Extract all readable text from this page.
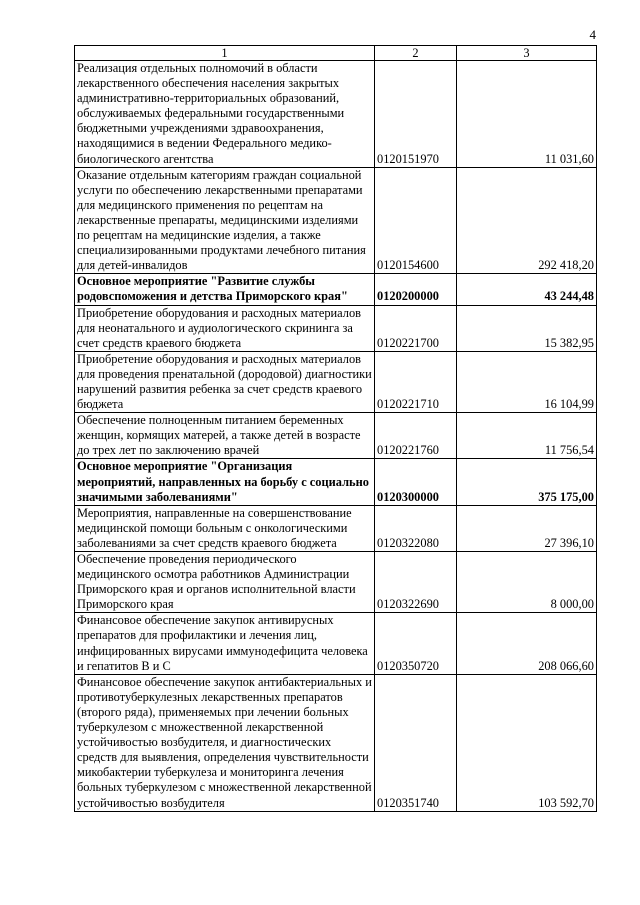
4
1	2	3
Реализация отдельных полномочий в области лекарственного обеспечения населения закрытых административно-территориальных образований, обслуживаемых федеральными государственными бюджетными учреждениями здравоохранения, находящимися в ведении Федерального медико-биологического агентства	0120151970	11 031,60
Оказание отдельным категориям граждан социальной услуги по обеспечению лекарственными препаратами для медицинского применения по рецептам на лекарственные препараты, медицинскими изделиями по рецептам на медицинские изделия, а также специализированными продуктами лечебного питания для детей-инвалидов	0120154600	292 418,20
Основное мероприятие "Развитие службы родовспоможения и детства Приморского края"	0120200000	43 244,48
Приобретение оборудования и расходных материалов для неонатального и аудиологического скрининга за счет средств краевого бюджета	0120221700	15 382,95
Приобретение оборудования и расходных материалов для проведения пренатальной (дородовой) диагностики нарушений развития ребенка за счет средств краевого бюджета	0120221710	16 104,99
Обеспечение полноценным питанием беременных женщин, кормящих матерей, а также детей в возрасте до трех лет по заключению врачей	0120221760	11 756,54
Основное мероприятие "Организация мероприятий, направленных на борьбу с социально значимыми заболеваниями"	0120300000	375 175,00
Мероприятия, направленные на совершенствование медицинской помощи больным с онкологическими заболеваниями за счет средств краевого бюджета	0120322080	27 396,10
Обеспечение проведения периодического медицинского осмотра работников Администрации Приморского края и органов исполнительной власти Приморского края	0120322690	8 000,00
Финансовое обеспечение закупок антивирусных препаратов для профилактики и лечения лиц, инфицированных вирусами иммунодефицита человека и гепатитов B и C	0120350720	208 066,60
Финансовое обеспечение закупок антибактериальных и противотуберкулезных лекарственных препаратов (второго ряда), применяемых при лечении больных туберкулезом с множественной лекарственной устойчивостью возбудителя, и диагностических средств для выявления, определения чувствительности микобактерии туберкулеза и мониторинга лечения больных туберкулезом с множественной лекарственной устойчивостью возбудителя	0120351740	103 592,70
